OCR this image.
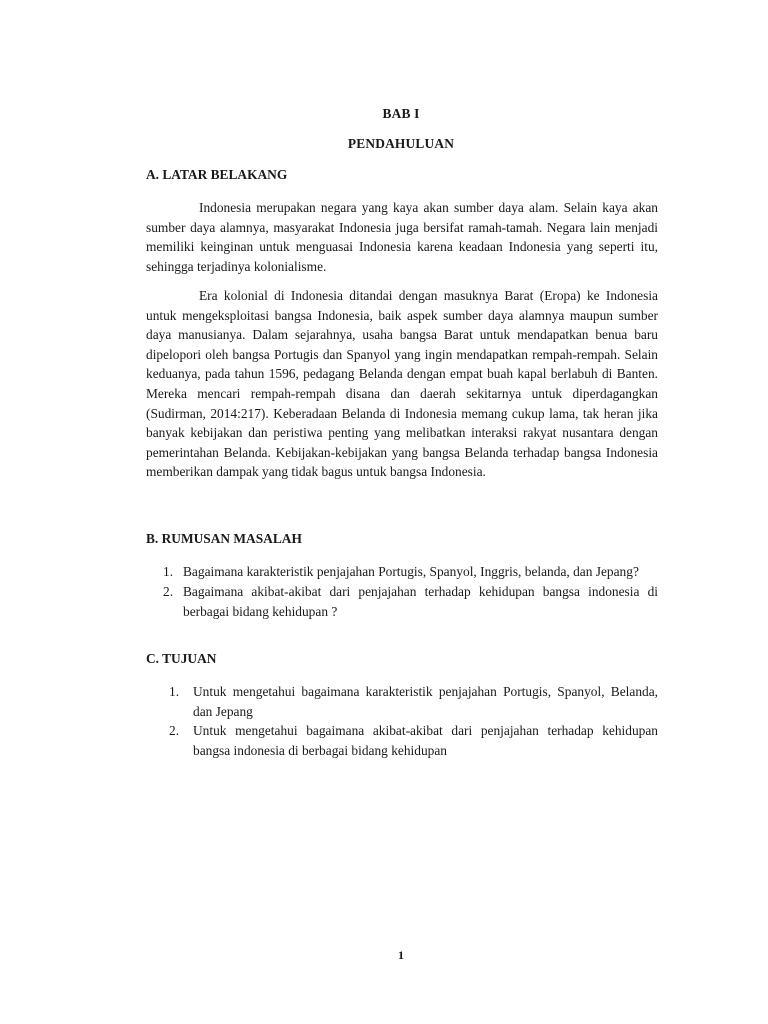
BAB I
PENDAHULUAN
A. LATAR BELAKANG

Indonesia merupakan negara yang kaya akan sumber daya alam. Selain kaya akan sumber daya alamnya, masyarakat Indonesia juga bersifat ramah-tamah. Negara lain menjadi memiliki keinginan untuk menguasai Indonesia karena keadaan Indonesia yang seperti itu, sehingga terjadinya kolonialisme.

Era kolonial di Indonesia ditandai dengan masuknya Barat (Eropa) ke Indonesia untuk mengeksploitasi bangsa Indonesia, baik aspek sumber daya alamnya maupun sumber daya manusianya. Dalam sejarahnya, usaha bangsa Barat untuk mendapatkan benua baru dipelopori oleh bangsa Portugis dan Spanyol yang ingin mendapatkan rempah-rempah. Selain keduanya, pada tahun 1596, pedagang Belanda dengan empat buah kapal berlabuh di Banten. Mereka mencari rempah-rempah disana dan daerah sekitarnya untuk diperdagangkan (Sudirman, 2014:217). Keberadaan Belanda di Indonesia memang cukup lama, tak heran jika banyak kebijakan dan peristiwa penting yang melibatkan interaksi rakyat nusantara dengan pemerintahan Belanda. Kebijakan-kebijakan yang bangsa Belanda terhadap bangsa Indonesia memberikan dampak yang tidak bagus untuk bangsa Indonesia.

B. RUMUSAN MASALAH
1. Bagaimana karakteristik penjajahan Portugis, Spanyol, Inggris, belanda, dan Jepang?
2. Bagaimana akibat-akibat dari penjajahan terhadap kehidupan bangsa indonesia di berbagai bidang kehidupan ?
C. TUJUAN
1. Untuk mengetahui bagaimana karakteristik penjajahan Portugis, Spanyol, Belanda, dan Jepang
2. Untuk mengetahui bagaimana akibat-akibat dari penjajahan terhadap kehidupan bangsa indonesia di berbagai bidang kehidupan
1
